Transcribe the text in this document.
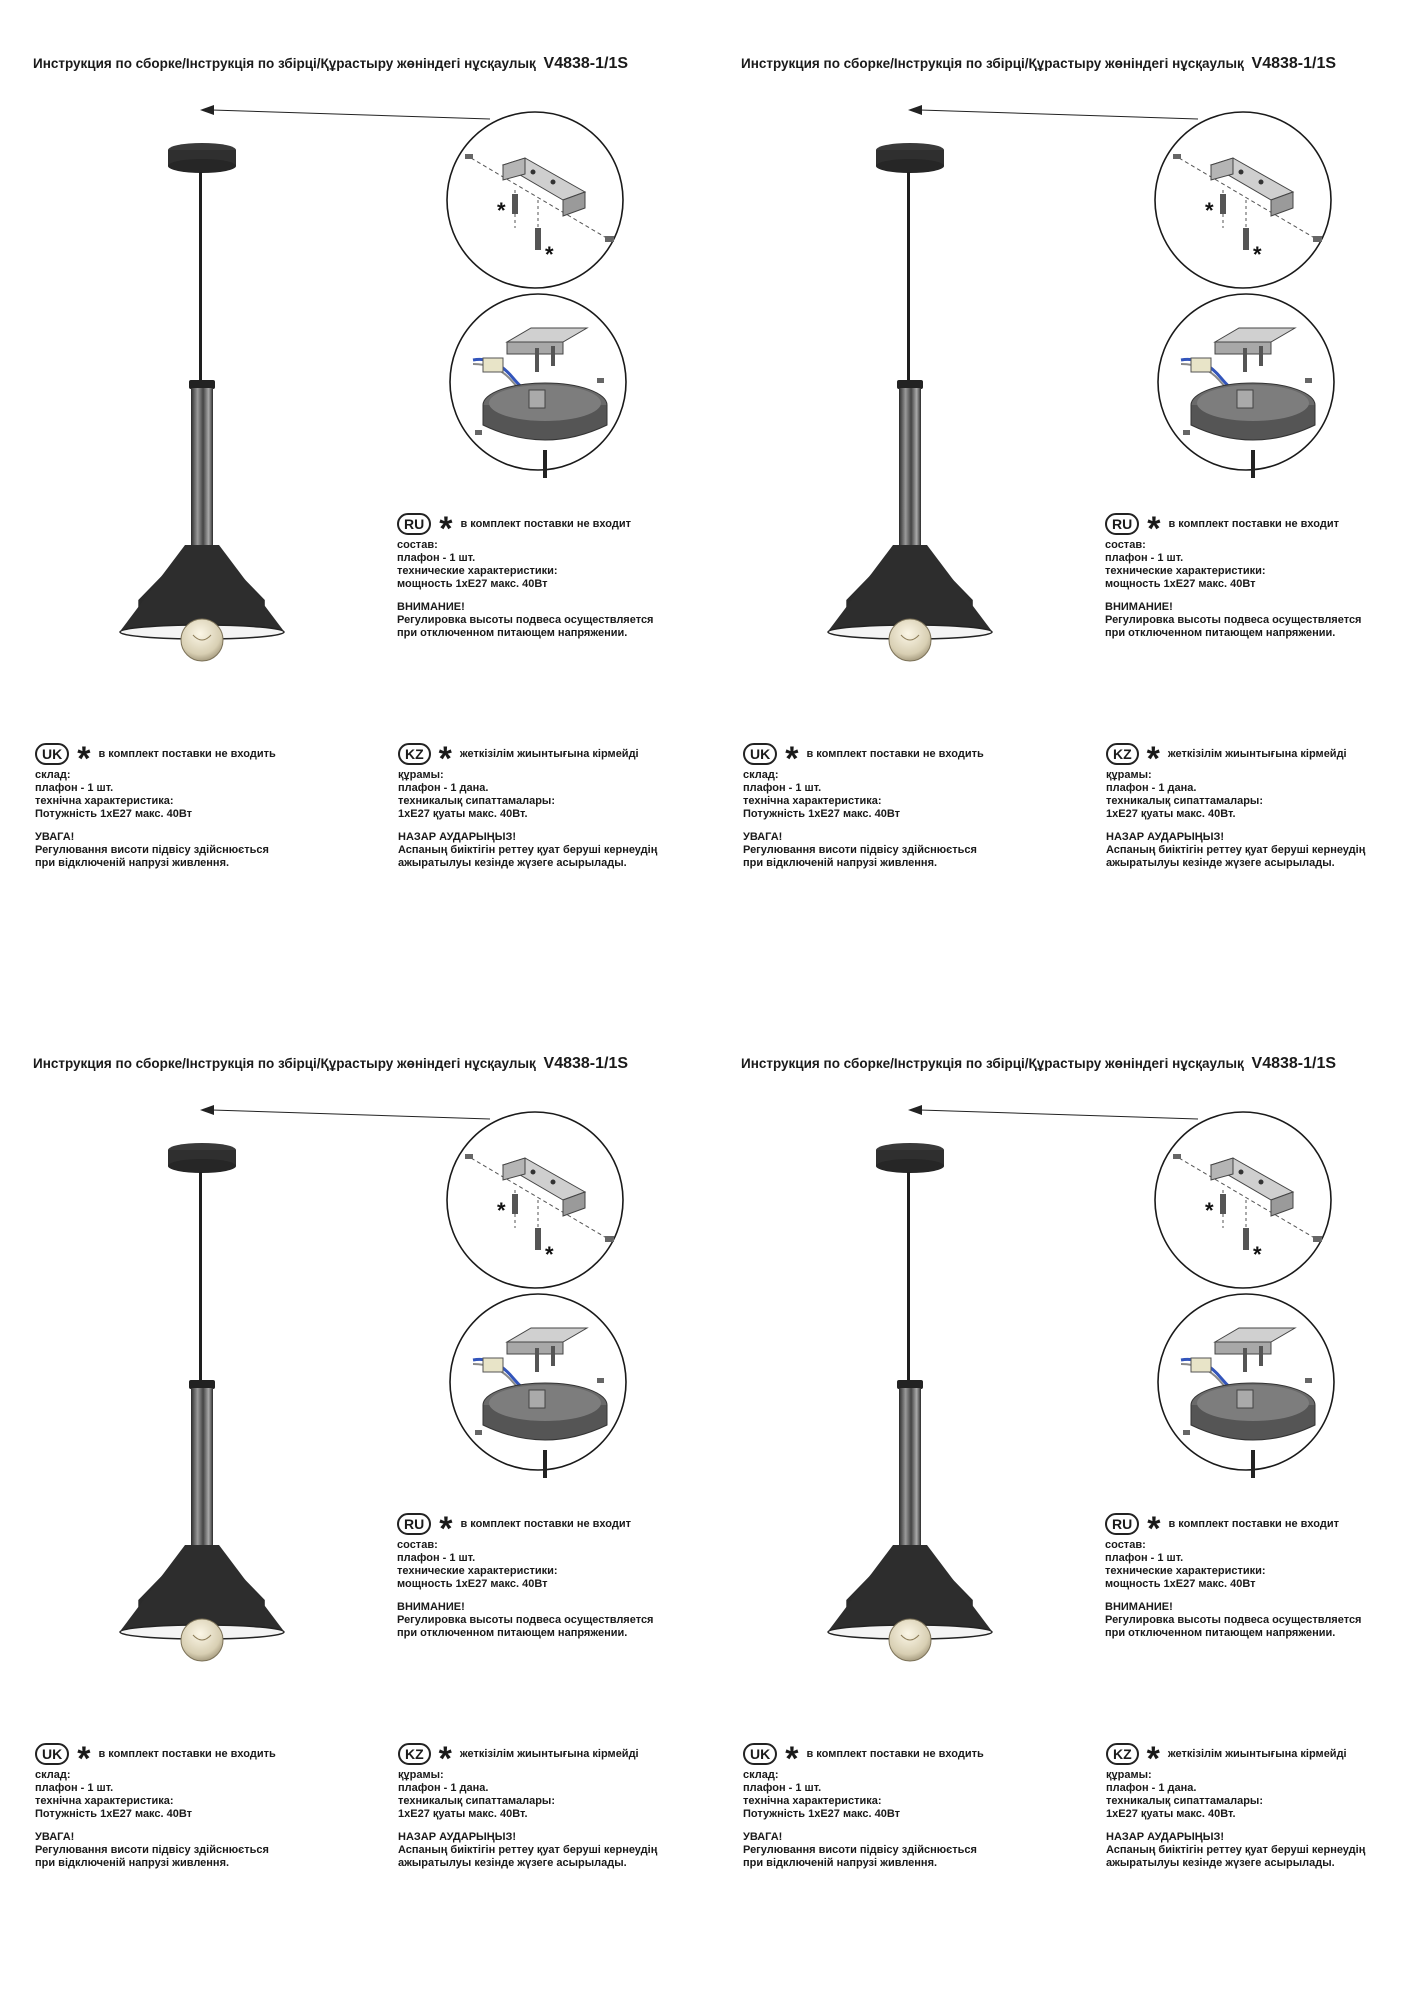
Инструкция по сборке/Інструкція по збірці/Құрастыру жөніндегі нұсқаулық V4838-1/1S
*
*
RU * в комплект поставки не входит
состав:
плафон - 1 шт.
технические характеристики:
мощность 1хЕ27 макс. 40Вт
ВНИМАНИЕ!
Регулировка высоты подвеса осуществляется
при отключенном питающем напряжении.
UK * в комплект поставки не входить
склад:
плафон - 1 шт.
технічна характеристика:
Потужність 1хЕ27 макс. 40Вт
УВАГА!
Регулювання висоти підвісу здійснюється
при відключеній напрузі живлення.
KZ * жеткізілім жиынтығына кірмейді
құрамы:
плафон - 1 дана.
техникалық сипаттамалары:
1хЕ27 қуаты макс. 40Вт.
НАЗАР АУДАРЫҢЫЗ!
Аспаның биіктігін реттеу қуат беруші кернеудің
ажыратылуы кезінде жүзеге асырылады.
Инструкция по сборке/Інструкція по збірці/Құрастыру жөніндегі нұсқаулық V4838-1/1S
*
*
RU * в комплект поставки не входит
состав:
плафон - 1 шт.
технические характеристики:
мощность 1хЕ27 макс. 40Вт
ВНИМАНИЕ!
Регулировка высоты подвеса осуществляется
при отключенном питающем напряжении.
UK * в комплект поставки не входить
склад:
плафон - 1 шт.
технічна характеристика:
Потужність 1хЕ27 макс. 40Вт
УВАГА!
Регулювання висоти підвісу здійснюється
при відключеній напрузі живлення.
KZ * жеткізілім жиынтығына кірмейді
құрамы:
плафон - 1 дана.
техникалық сипаттамалары:
1хЕ27 қуаты макс. 40Вт.
НАЗАР АУДАРЫҢЫЗ!
Аспаның биіктігін реттеу қуат беруші кернеудің
ажыратылуы кезінде жүзеге асырылады.
Инструкция по сборке/Інструкція по збірці/Құрастыру жөніндегі нұсқаулық V4838-1/1S
*
*
RU * в комплект поставки не входит
состав:
плафон - 1 шт.
технические характеристики:
мощность 1хЕ27 макс. 40Вт
ВНИМАНИЕ!
Регулировка высоты подвеса осуществляется
при отключенном питающем напряжении.
UK * в комплект поставки не входить
склад:
плафон - 1 шт.
технічна характеристика:
Потужність 1хЕ27 макс. 40Вт
УВАГА!
Регулювання висоти підвісу здійснюється
при відключеній напрузі живлення.
KZ * жеткізілім жиынтығына кірмейді
құрамы:
плафон - 1 дана.
техникалық сипаттамалары:
1хЕ27 қуаты макс. 40Вт.
НАЗАР АУДАРЫҢЫЗ!
Аспаның биіктігін реттеу қуат беруші кернеудің
ажыратылуы кезінде жүзеге асырылады.
Инструкция по сборке/Інструкція по збірці/Құрастыру жөніндегі нұсқаулық V4838-1/1S
*
*
RU * в комплект поставки не входит
состав:
плафон - 1 шт.
технические характеристики:
мощность 1хЕ27 макс. 40Вт
ВНИМАНИЕ!
Регулировка высоты подвеса осуществляется
при отключенном питающем напряжении.
UK * в комплект поставки не входить
склад:
плафон - 1 шт.
технічна характеристика:
Потужність 1хЕ27 макс. 40Вт
УВАГА!
Регулювання висоти підвісу здійснюється
при відключеній напрузі живлення.
KZ * жеткізілім жиынтығына кірмейді
құрамы:
плафон - 1 дана.
техникалық сипаттамалары:
1хЕ27 қуаты макс. 40Вт.
НАЗАР АУДАРЫҢЫЗ!
Аспаның биіктігін реттеу қуат беруші кернеудің
ажыратылуы кезінде жүзеге асырылады.
